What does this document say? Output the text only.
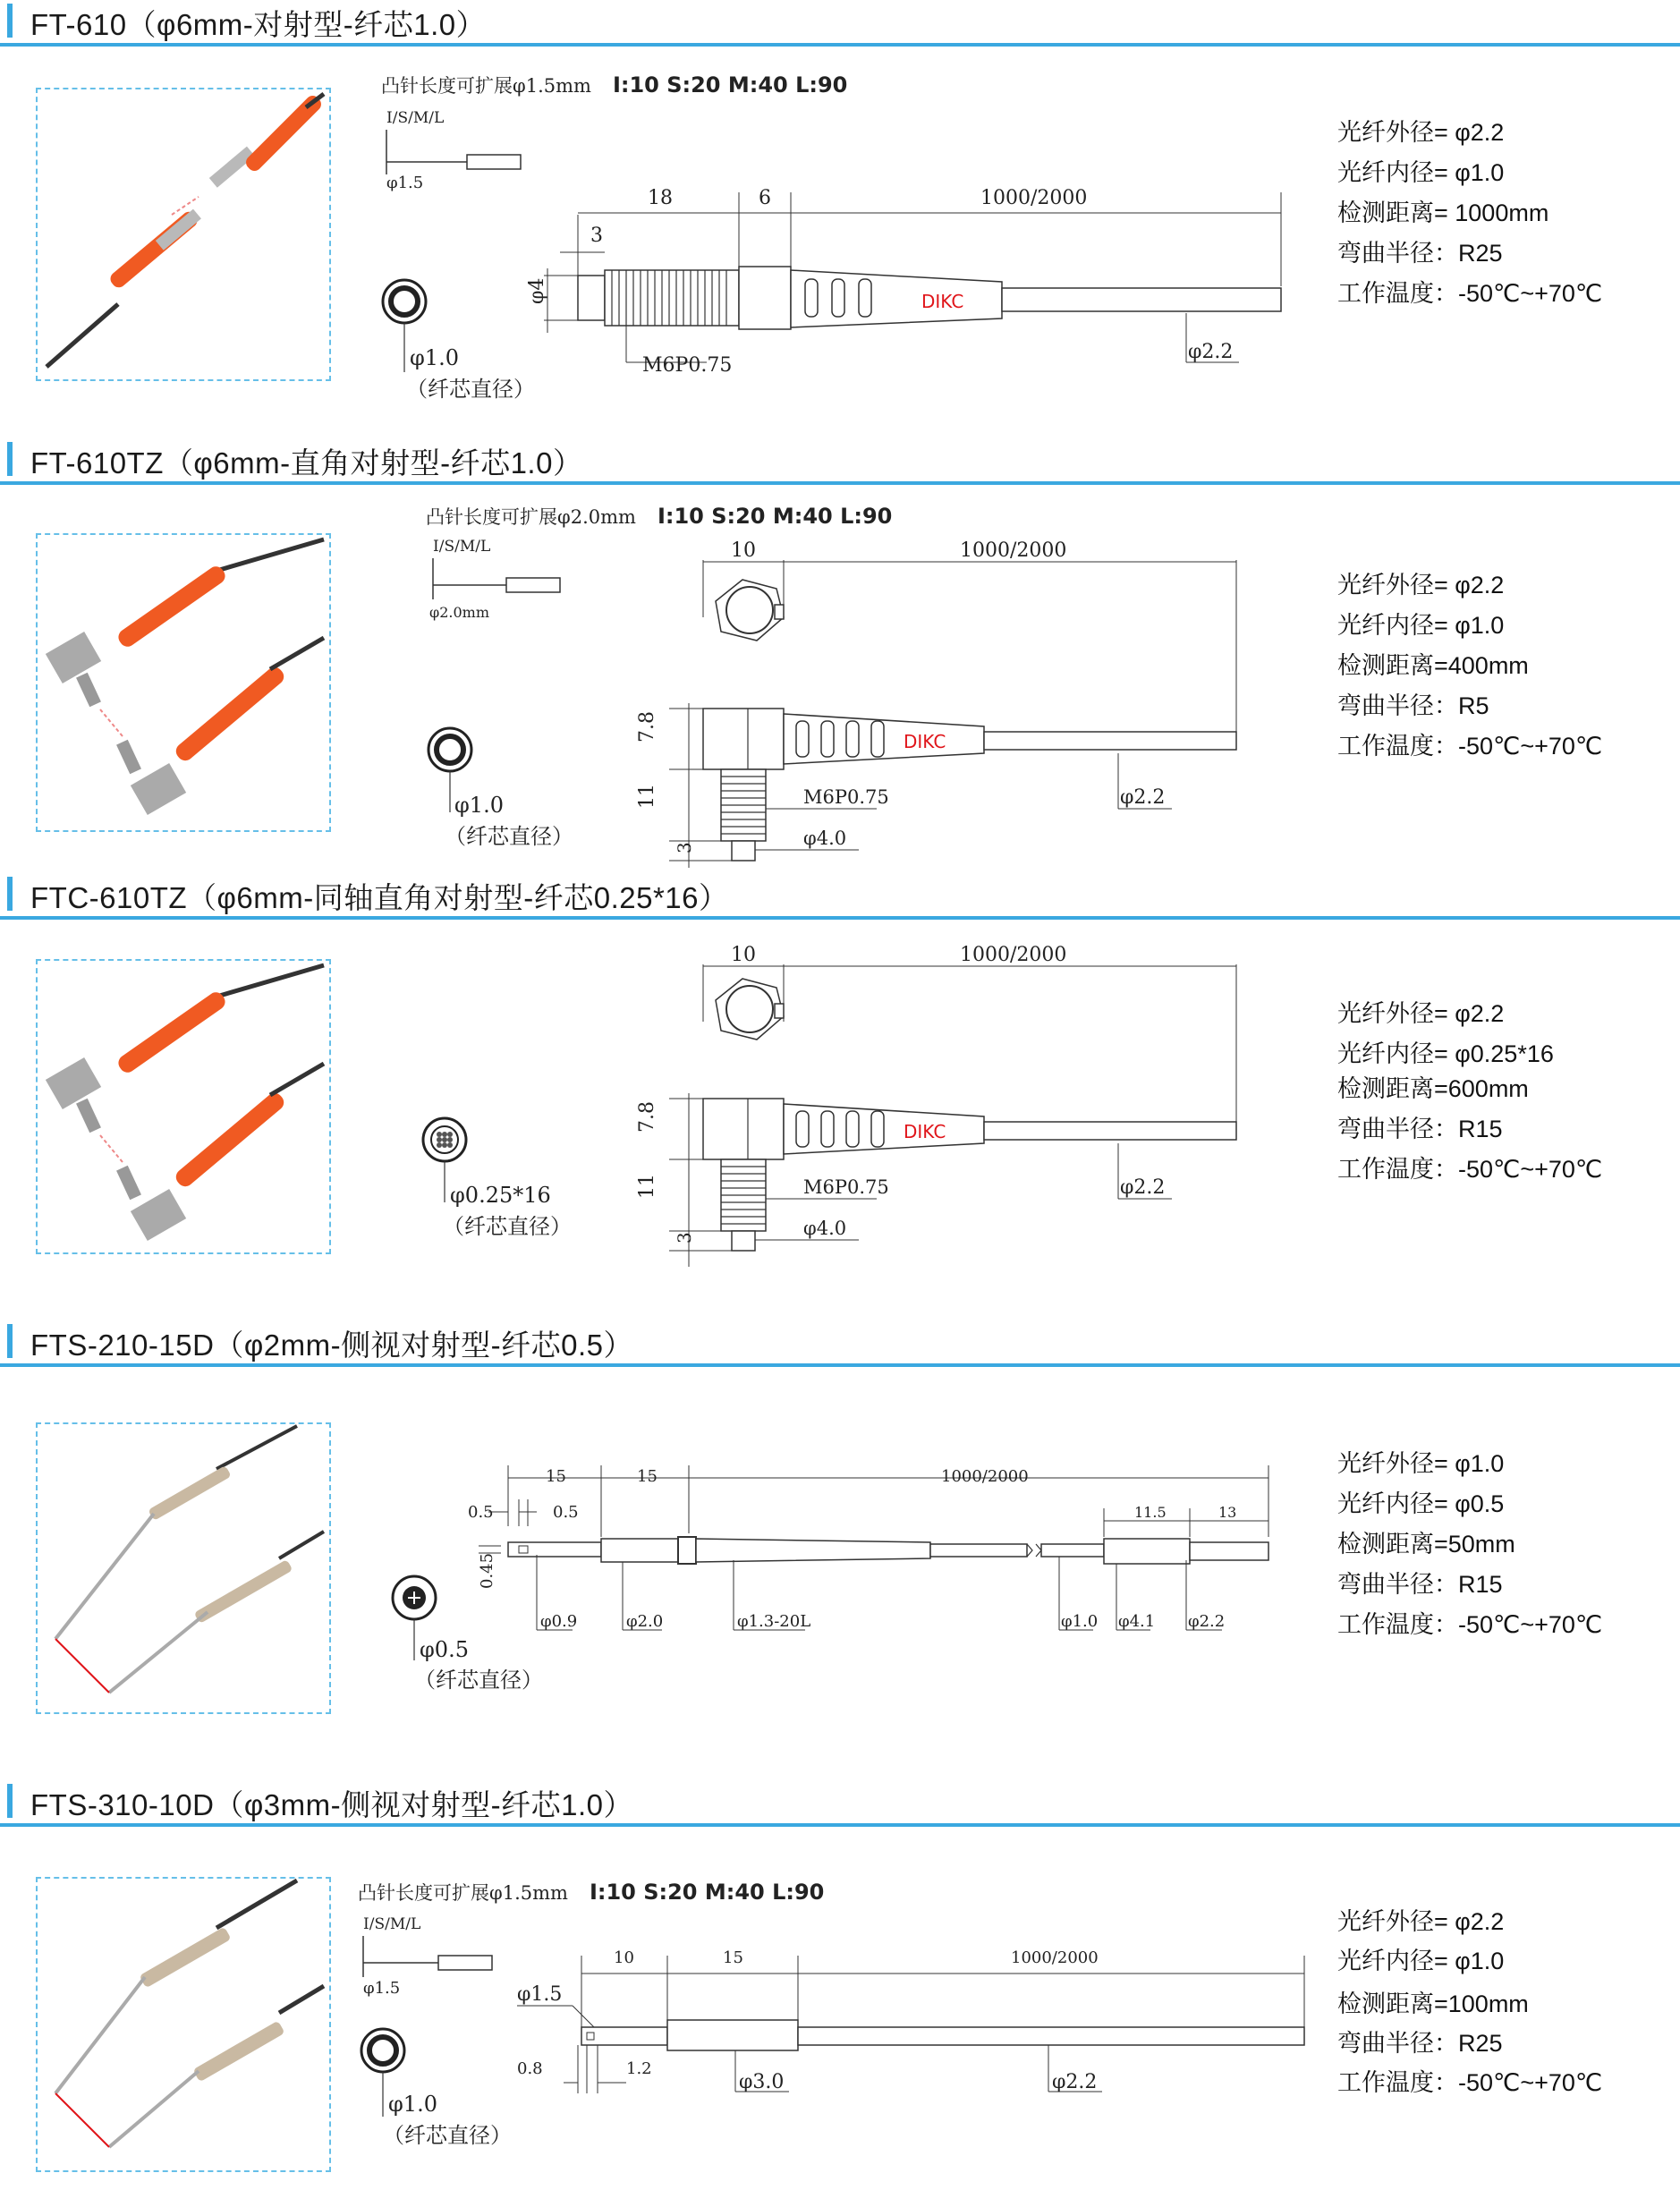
FT-610（φ6mm-对射型-纤芯1.0）
凸针长度可扩展φ1.5mm I:10 S:20 M:40 L:90
I/S/M/L
φ1.5
φ1.0
（纤芯直径）
18	6	1000/2000
3
φ4	DIKC
M6P0.75
φ2.2
光纤外径= φ2.2
光纤内径= φ1.0
检测距离= 1000mm
弯曲半径：R25
工作温度：-50℃~+70℃
FT-610TZ（φ6mm-直角对射型-纤芯1.0）
凸针长度可扩展φ2.0mm I:10 S:20 M:40 L:90
I/S/M/L
φ2.0mm
φ1.0
（纤芯直径）
10	1000/2000
DIKC
7.8
11
3
M6P0.75
φ4.0
φ2.2
光纤外径= φ2.2
光纤内径= φ1.0
检测距离=400mm
弯曲半径：R5
工作温度：-50℃~+70℃
FTC-610TZ（φ6mm-同轴直角对射型-纤芯0.25*16）
φ0.25*16
（纤芯直径）
10	1000/2000
DIKC
7.8
11
3
M6P0.75
φ4.0
φ2.2
光纤外径= φ2.2
光纤内径= φ0.25*16
检测距离=600mm
弯曲半径：R15
工作温度：-50℃~+70℃
FTS-210-15D（φ2mm-侧视对射型-纤芯0.5）
φ0.5
（纤芯直径）
15	15	1000/2000
0.5	0.5
0.45
11.5	13
φ0.9	φ2.0	φ1.3-20L	φ1.0 φ4.1 φ2.2
光纤外径= φ1.0
光纤内径= φ0.5
检测距离=50mm
弯曲半径：R15
工作温度：-50℃~+70℃
FTS-310-10D（φ3mm-侧视对射型-纤芯1.0）
凸针长度可扩展φ1.5mm I:10 S:20 M:40 L:90
I/S/M/L
φ1.5
φ1.0
（纤芯直径）
10	15	1000/2000
φ1.5
0.8	1.2
φ3.0	φ2.2
光纤外径= φ2.2
光纤内径= φ1.0
检测距离=100mm
弯曲半径：R25
工作温度：-50℃~+70℃
